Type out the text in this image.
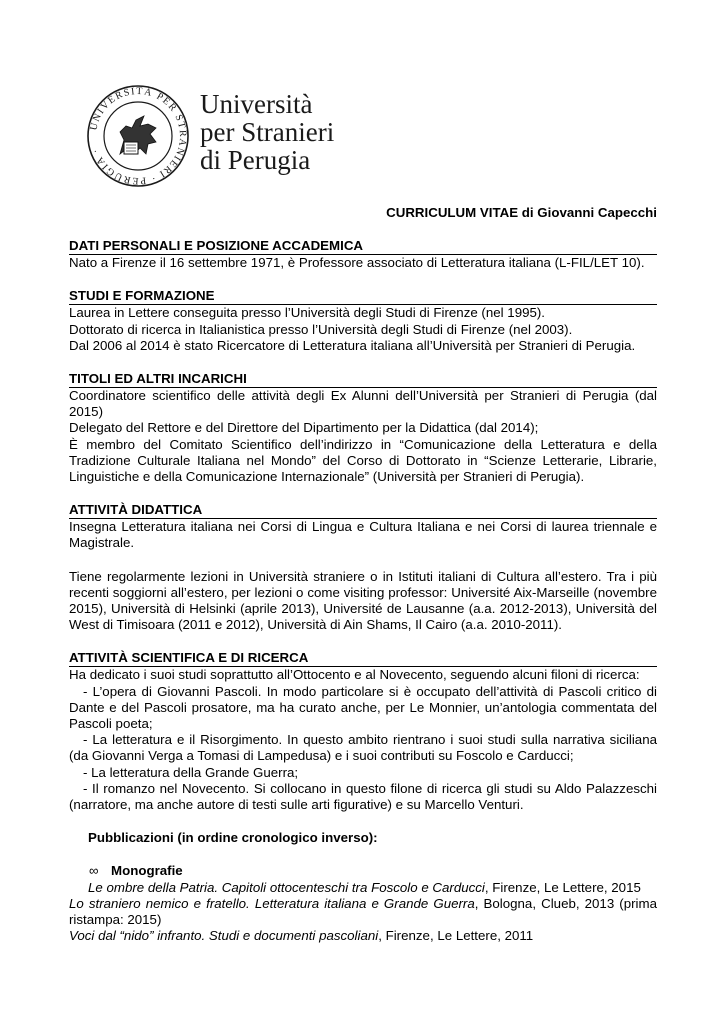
UNIVERSITÀ PER STRANIERI · PERUGIA ·
Università
per Stranieri
di Perugia

CURRICULUM VITAE di Giovanni Capecchi

DATI PERSONALI E POSIZIONE ACCADEMICA

Nato a Firenze il 16 settembre 1971, è Professore associato di Letteratura italiana (L-FIL/LET 10).

STUDI E FORMAZIONE

Laurea in Lettere conseguita presso l’Università degli Studi di Firenze (nel 1995).

Dottorato di ricerca in Italianistica presso l’Università degli Studi di Firenze (nel 2003).

Dal 2006 al 2014 è stato Ricercatore di Letteratura italiana all’Università per Stranieri di Perugia.

TITOLI ED ALTRI INCARICHI

Coordinatore scientifico delle attività degli Ex Alunni dell’Università per Stranieri di Perugia (dal 2015)

Delegato del Rettore e del Direttore del Dipartimento per la Didattica (dal 2014);

È membro del Comitato Scientifico dell’indirizzo in “Comunicazione della Letteratura e della Tradizione Culturale Italiana nel Mondo” del Corso di Dottorato in “Scienze Letterarie, Librarie, Linguistiche e della Comunicazione Internazionale” (Università per Stranieri di Perugia).

ATTIVITÀ DIDATTICA

Insegna Letteratura italiana nei Corsi di Lingua e Cultura Italiana e nei Corsi di laurea triennale e Magistrale.

Tiene regolarmente lezioni in Università straniere o in Istituti italiani di Cultura all’estero. Tra i più recenti soggiorni all’estero, per lezioni o come visiting professor: Université Aix-Marseille (novembre 2015), Università di Helsinki (aprile 2013), Université de Lausanne (a.a. 2012-2013), Università del West di Timisoara (2011 e 2012), Università di Ain Shams, Il Cairo (a.a. 2010-2011).

ATTIVITÀ SCIENTIFICA E DI RICERCA

Ha dedicato i suoi studi soprattutto all’Ottocento e al Novecento, seguendo alcuni filoni di ricerca:

- L’opera di Giovanni Pascoli. In modo particolare si è occupato dell’attività di Pascoli critico di Dante e del Pascoli prosatore, ma ha curato anche, per Le Monnier, un’antologia commentata del Pascoli poeta;

- La letteratura e il Risorgimento. In questo ambito rientrano i suoi studi sulla narrativa siciliana (da Giovanni Verga a Tomasi di Lampedusa) e i suoi contributi su Foscolo e Carducci;

- La letteratura della Grande Guerra;

- Il romanzo nel Novecento. Si collocano in questo filone di ricerca gli studi su Aldo Palazzeschi (narratore, ma anche autore di testi sulle arti figurative) e su Marcello Venturi.

Pubblicazioni (in ordine cronologico inverso):

∞ Monografie

Le ombre della Patria. Capitoli ottocenteschi tra Foscolo e Carducci, Firenze, Le Lettere, 2015

Lo straniero nemico e fratello. Letteratura italiana e Grande Guerra, Bologna, Clueb, 2013 (prima ristampa: 2015)

Voci dal “nido” infranto. Studi e documenti pascoliani, Firenze, Le Lettere, 2011
